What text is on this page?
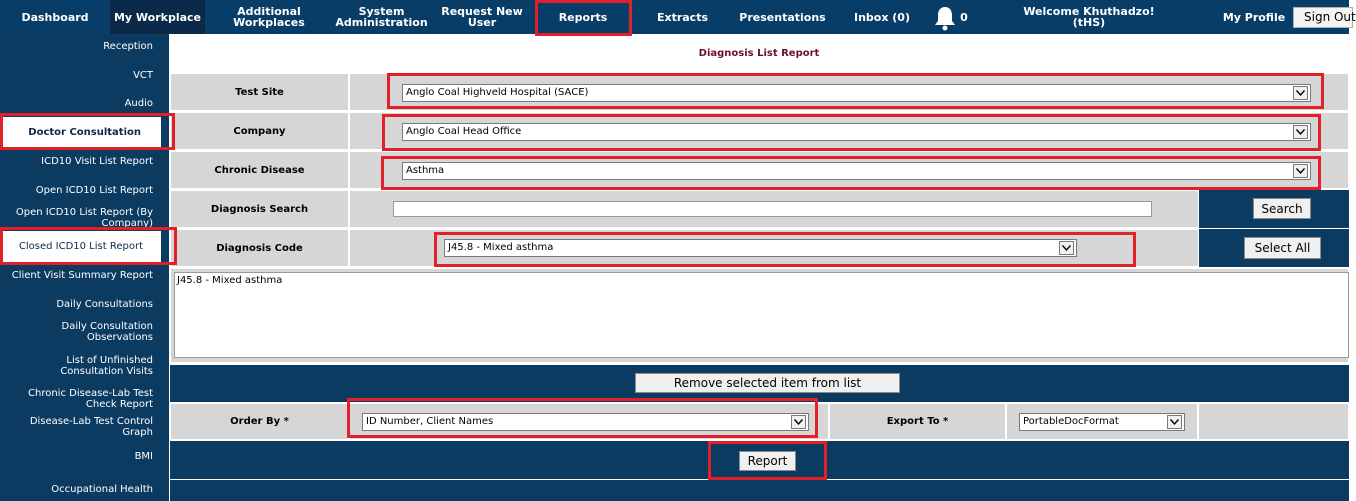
Dashboard	My Workplace	Additional Workplaces
System Administration
Request New User	Reports	Extracts	Presentations	Inbox (0)	0	Welcome Khuthadzo! (tHS)	My Profile	Sign Out
Reception
VCT
Audio
Doctor Consultation
ICD10 Visit List Report
Open ICD10 List Report
Open ICD10 List Report (By Company)
Closed ICD10 List Report
Client Visit Summary Report
Daily Consultations
Daily Consultation Observations
List of Unfinished Consultation Visits
Chronic Disease-Lab Test Check Report
Disease-Lab Test Control Graph
BMI
Occupational Health
Diagnosis List Report
Test Site	Anglo Coal Highveld Hospital (SACE)
Company	Anglo Coal Head Office
Chronic Disease	Asthma
Diagnosis Search	Search
Diagnosis Code	J45.8 - Mixed asthma	Select All
J45.8 - Mixed asthma
Remove selected item from list
Order By *	ID Number, Client Names	Export To *	PortableDocFormat
Report
